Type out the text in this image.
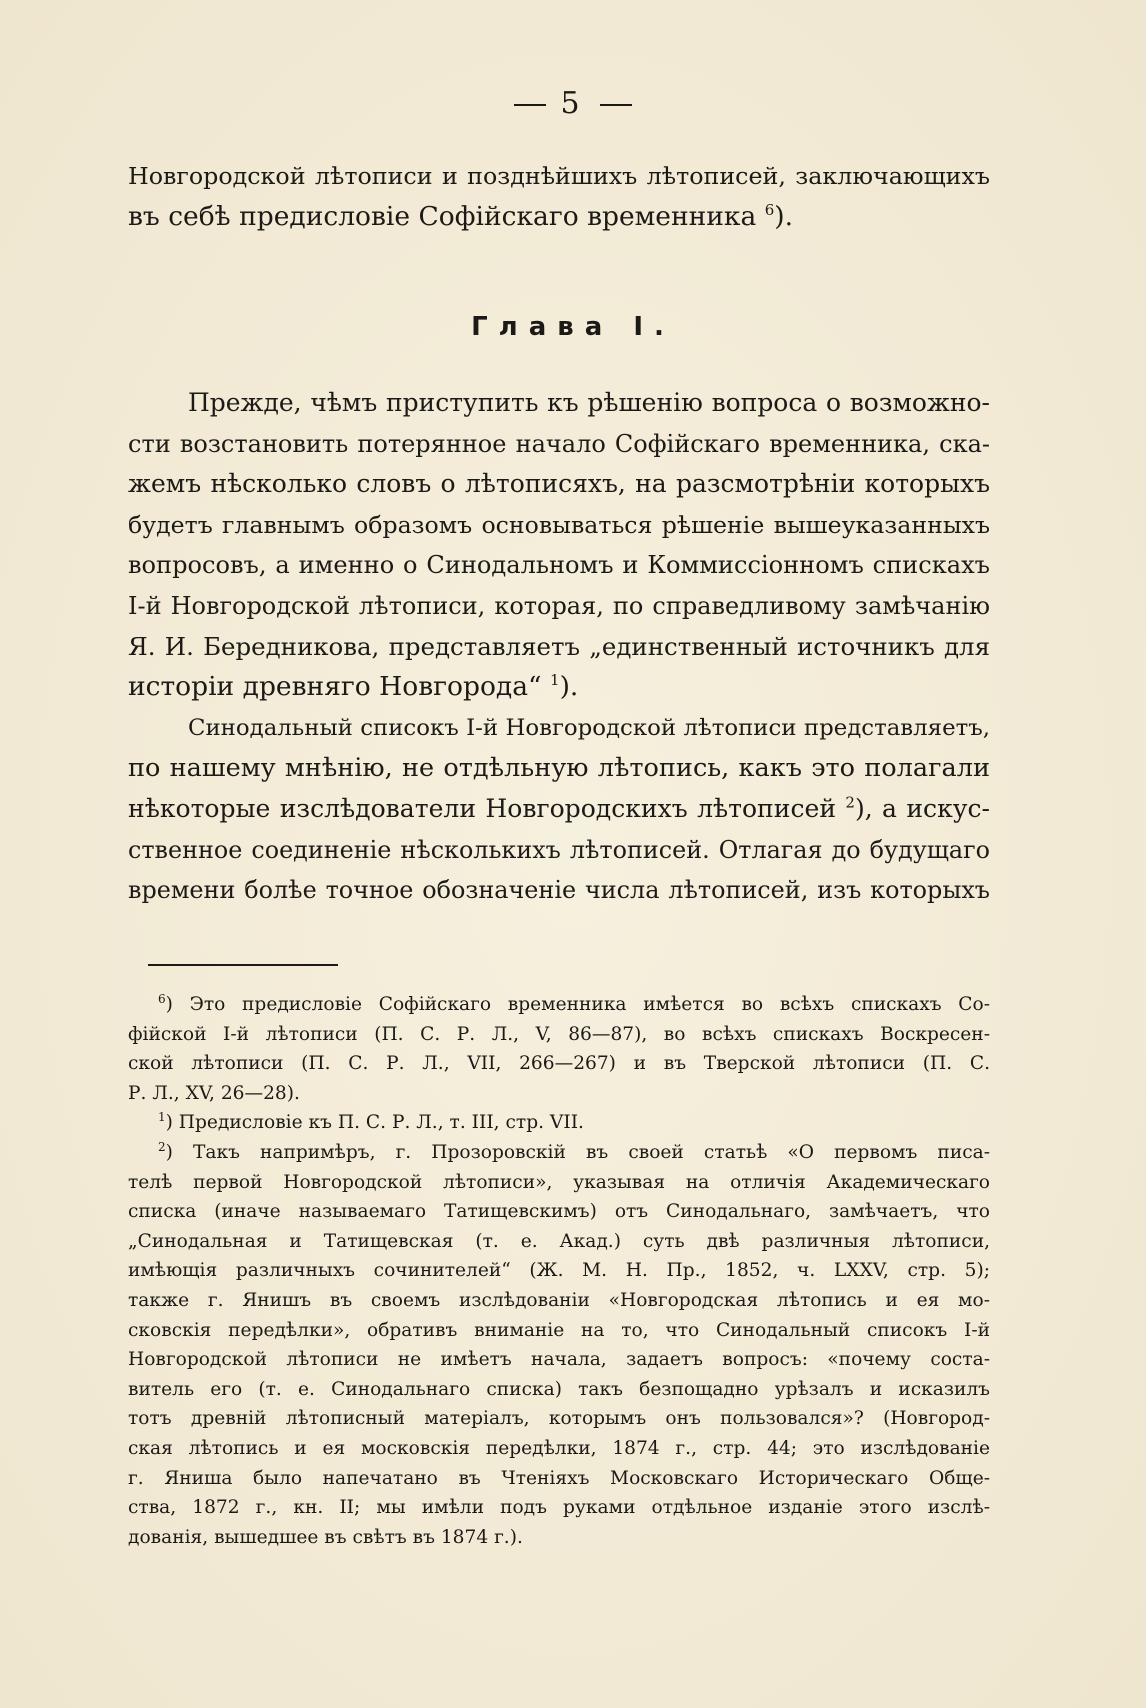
5
Новгородской лѣтописи и позднѣйшихъ лѣтописей, заключающихъ
въ себѣ предисловіе Софійскаго временника $^6$).
Глава I.
Прежде, чѣмъ приступить къ рѣшенію вопроса о возможно-
сти возстановить потерянное начало Софійскаго временника, ска-
жемъ нѣсколько словъ о лѣтописяхъ, на разсмотрѣніи которыхъ
будетъ главнымъ образомъ основываться рѣшеніе вышеуказанныхъ
вопросовъ, а именно о Синодальномъ и Коммиссіонномъ спискахъ
І-й Новгородской лѣтописи, которая, по справедливому замѣчанію
Я. И. Бередникова, представляетъ „единственный источникъ для
исторіи древняго Новгорода“ $^1$).
Синодальный списокъ І-й Новгородской лѣтописи представляетъ,
по нашему мнѣнію, не отдѣльную лѣтопись, какъ это полагали
нѣкоторые изслѣдователи Новгородскихъ лѣтописей $^2$), а искус-
ственное соединеніе нѣсколькихъ лѣтописей. Отлагая до будущаго
времени болѣе точное обозначеніе числа лѣтописей, изъ которыхъ
$^6$) Это предисловіе Софійскаго временника имѣется во всѣхъ спискахъ Со-
фійской І-й лѣтописи (П. С. Р. Л., V, 86—87), во всѣхъ спискахъ Воскресен-
ской лѣтописи (П. С. Р. Л., VII, 266—267) и въ Тверской лѣтописи (П. С.
Р. Л., XV, 26—28).
$^1$) Предисловіе къ П. С. Р. Л., т. III, стр. VII.
$^2$) Такъ напримѣръ, г. Прозоровскій въ своей статьѣ «О первомъ писа-
телѣ первой Новгородской лѣтописи», указывая на отличія Академическаго
списка (иначе называемаго Татищевскимъ) отъ Синодальнаго, замѣчаетъ, что
„Синодальная и Татищевская (т. е. Акад.) суть двѣ различныя лѣтописи,
имѣющія различныхъ сочинителей“ (Ж. М. Н. Пр., 1852, ч. LXXV, стр. 5);
также г. Янишъ въ своемъ изслѣдованіи «Новгородская лѣтопись и ея мо-
сковскія передѣлки», обративъ вниманіе на то, что Синодальный списокъ І-й
Новгородской лѣтописи не имѣетъ начала, задаетъ вопросъ: «почему соста-
витель его (т. е. Синодальнаго списка) такъ безпощадно урѣзалъ и исказилъ
тотъ древній лѣтописный матеріалъ, которымъ онъ пользовался»? (Новгород-
ская лѣтопись и ея московскія передѣлки, 1874 г., стр. 44; это изслѣдованіе
г. Яниша было напечатано въ Чтеніяхъ Московскаго Историческаго Обще-
ства, 1872 г., кн. II; мы имѣли подъ руками отдѣльное изданіе этого изслѣ-
дованія, вышедшее въ свѣтъ въ 1874 г.).
